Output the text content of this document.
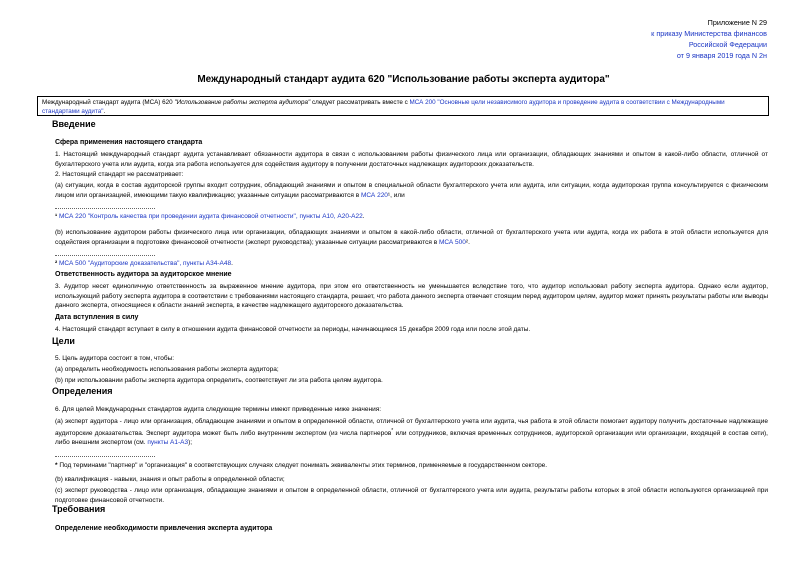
Приложение N 29
к приказу Министерства финансов
Российской Федерации
от 9 января 2019 года N 2н
Международный стандарт аудита 620 "Использование работы эксперта аудитора"
Международный стандарт аудита (МСА) 620 "Использование работы эксперта аудитора" следует рассматривать вместе с МСА 200 "Основные цели независимого аудитора и проведение аудита в соответствии с Международными стандартами аудита".
Введение
Сфера применения настоящего стандарта
1. Настоящий международный стандарт аудита устанавливает обязанности аудитора в связи с использованием работы физического лица или организации, обладающих знаниями и опытом в какой-либо области, отличной от бухгалтерского учета или аудита, когда эта работа используется для содействия аудитору в получении достаточных надлежащих аудиторских доказательств.
2. Настоящий стандарт не рассматривает:
(a) ситуации, когда в состав аудиторской группы входит сотрудник, обладающий знаниями и опытом в специальной области бухгалтерского учета или аудита, или ситуации, когда аудиторская группа консультируется с физическим лицом или организацией, имеющими такую квалификацию; указанные ситуации рассматриваются в МСА 220¹, или
¹ МСА 220 "Контроль качества при проведении аудита финансовой отчетности", пункты А10, А20-А22.
(b) использование аудитором работы физического лица или организации, обладающих знаниями и опытом в какой-либо области, отличной от бухгалтерского учета или аудита, когда их работа в этой области используется для содействия организации в подготовке финансовой отчетности (эксперт руководства); указанные ситуации рассматриваются в МСА 500².
² МСА 500 "Аудиторские доказательства", пункты А34-А48.
Ответственность аудитора за аудиторское мнение
3. Аудитор несет единоличную ответственность за выраженное мнение аудитора, при этом его ответственность не уменьшается вследствие того, что аудитор использовал работу эксперта аудитора. Однако если аудитор, использующий работу эксперта аудитора в соответствии с требованиями настоящего стандарта, решает, что работа данного эксперта отвечает стоящим перед аудитором целям, аудитор может принять результаты работы или выводы данного эксперта, относящиеся к области знаний эксперта, в качестве надлежащего аудиторского доказательства.
Дата вступления в силу
4. Настоящий стандарт вступает в силу в отношении аудита финансовой отчетности за периоды, начинающиеся 15 декабря 2009 года или после этой даты.
Цели
5. Цель аудитора состоит в том, чтобы:
(a) определить необходимость использования работы эксперта аудитора;
(b) при использовании работы эксперта аудитора определить, соответствует ли эта работа целям аудитора.
Определения
6. Для целей Международных стандартов аудита следующие термины имеют приведенные ниже значения:
(a) эксперт аудитора - лицо или организация, обладающие знаниями и опытом в определенной области, отличной от бухгалтерского учета или аудита, чья работа в этой области помогает аудитору получить достаточные надлежащие аудиторские доказательства. Эксперт аудитора может быть либо внутренним экспертом (из числа партнеров* или сотрудников, включая временных сотрудников, аудиторской организации или организации, входящей в состав сети), либо внешним экспертом (см. пункты А1-А3);
* Под терминами "партнер" и "организация" в соответствующих случаях следует понимать эквиваленты этих терминов, применяемые в государственном секторе.
(b) квалификация - навыки, знания и опыт работы в определенной области;
(c) эксперт руководства - лицо или организация, обладающие знаниями и опытом в определенной области, отличной от бухгалтерского учета или аудита, результаты работы которых в этой области используются организацией при подготовке финансовой отчетности.
Требования
Определение необходимости привлечения эксперта аудитора
